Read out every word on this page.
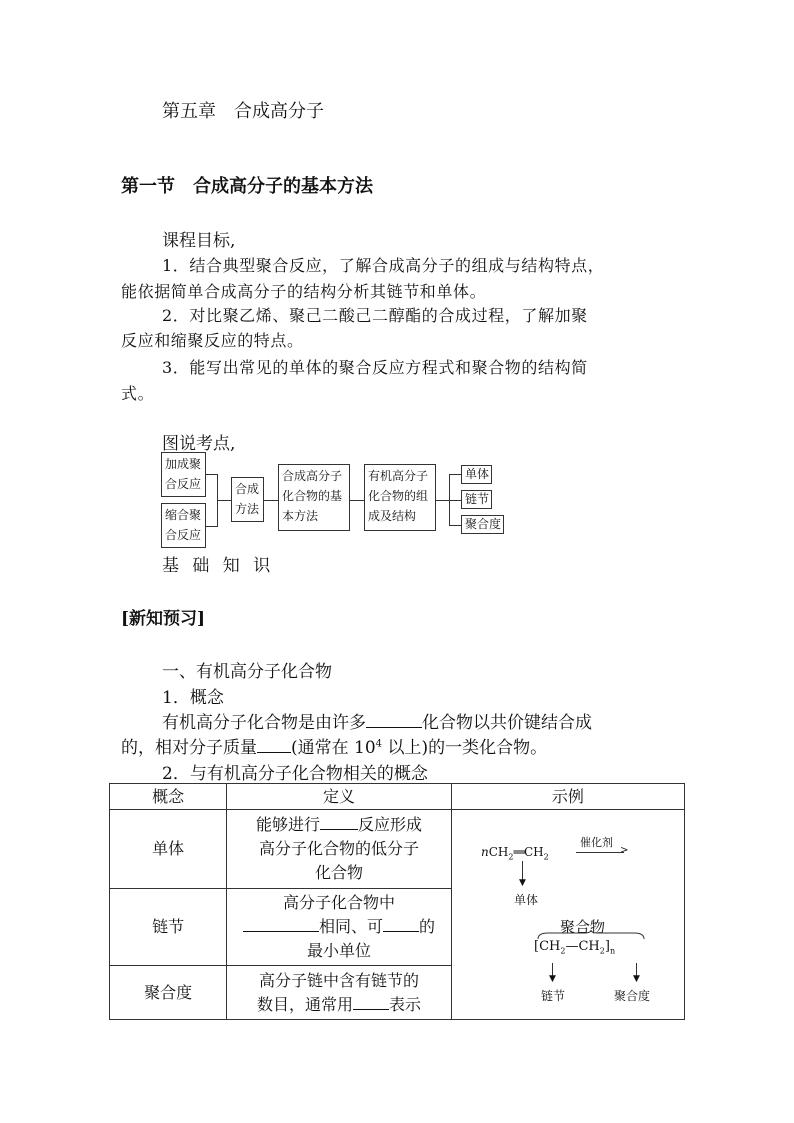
第五章　合成高分子
第一节　合成高分子的基本方法
课程目标,
1．结合典型聚合反应，了解合成高分子的组成与结构特点，
能依据简单合成高分子的结构分析其链节和单体。
2．对比聚乙烯、聚己二酸己二醇酯的合成过程，了解加聚
反应和缩聚反应的特点。
3．能写出常见的单体的聚合反应方程式和聚合物的结构简
式。
图说考点,
加成聚
合反应
缩合聚
合反应
合成
方法
合成高分子
化合物的基
本方法
有机高分子
化合物的组
成及结构
单体
链节
聚合度
基 础 知 识
[新知预习]
一、有机高分子化合物
1．概念
有机高分子化合物是由许多	化合物以共价键结合成
的，相对分子质量 (通常在 $10^4$ 以上)的一类化合物。
2．与有机高分子化合物相关的概念
概念	定义	示例
单体	能够进行 反应形成
高分子化合物的低分子
化合物	

链节	高分子化合物中
相同、可 的
最小单位	

聚合度	高分子链中含有链节的
数目，通常用 表示	
$nCH_2══CH_2$
催化剂
>
▼
单体
聚合物
$[CH_2—CH_2]_n$
▼	▼
链节	聚合度
